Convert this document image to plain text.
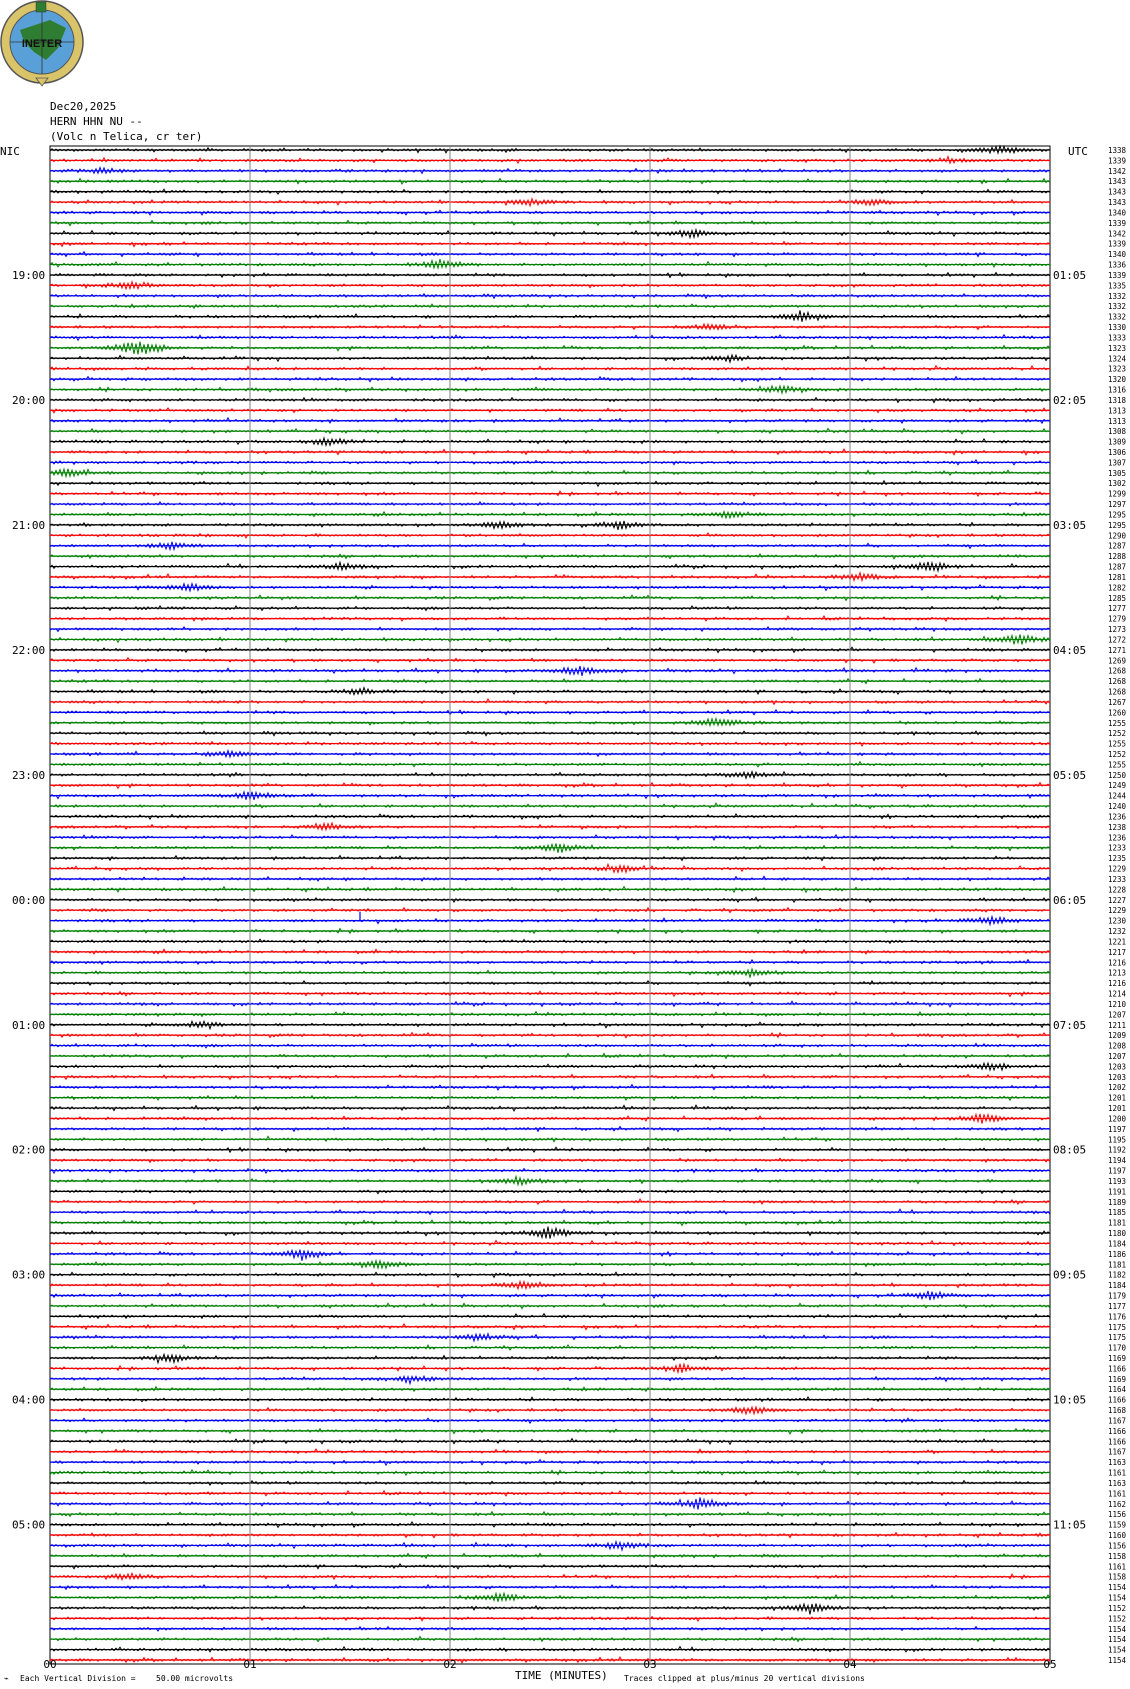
1338
1339
1342
1343
1343
1343
1340
1339
1342
1339
1340
1336
1339
1335
1332
1332
1332
1330
1333
1323
1324
1323
1320
1316
1318
1313
1313
1308
1309
1306
1307
1305
1302
1299
1297
1295
1295
1290
1287
1288
1287
1281
1282
1285
1277
1279
1273
1272
1271
1269
1268
1268
1268
1267
1260
1255
1252
1255
1252
1255
1250
1249
1244
1240
1236
1238
1236
1233
1235
1229
1233
1228
1227
1229
1230
1232
1221
1217
1216
1213
1216
1214
1210
1207
1211
1209
1208
1207
1203
1203
1202
1201
1201
1200
1197
1195
1192
1194
1197
1193
1191
1189
1185
1181
1180
1184
1186
1181
1182
1184
1179
1177
1176
1175
1175
1170
1169
1166
1169
1164
1166
1168
1167
1166
1166
1167
1163
1161
1163
1161
1162
1156
1159
1160
1156
1158
1161
1158
1154
1154
1152
1152
1154
1154
1154
1154
00	01	02	03	04	05
19:00	01:05
20:00	02:05
21:00	03:05
22:00	04:05
23:00	05:05
00:00	06:05
01:00	07:05
02:00	08:05
03:00	09:05
04:00	10:05
05:00	11:05
INETER
Dec20,2025
HERN HHN NU --
(Volc n Telica, cr ter)
NIC	UTC
TIME (MINUTES)
⌁ Each Vertical Division =	50.00 microvolts	Traces clipped at plus/minus 20 vertical divisions
